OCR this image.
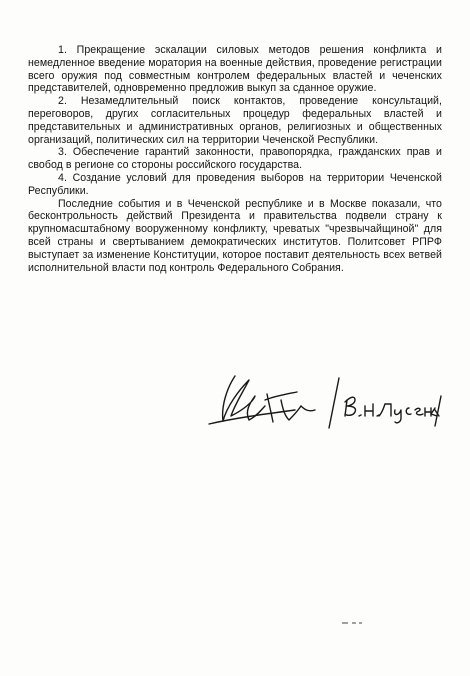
1. Прекращение эскалации силовых методов решения конфликта и немедленное введение моратория на военные действия, проведение регистрации всего оружия под совместным контролем федеральных властей и чеченских представителей, одновременно предложив выкуп за сданное оружие.

2. Незамедлительный поиск контактов, проведение консультаций, переговоров, других согласительных процедур федеральных властей и представительных и административных органов, религиозных и общественных организаций, политических сил на территории Чеченской Республики.

3. Обеспечение гарантий законности, правопорядка, гражданских прав и свобод в регионе со стороны российского государства.

4. Создание условий для проведения выборов на территории Чеченской Республики.

Последние события и в Чеченской республике и в Москве показали, что бесконтрольность действий Президента и правительства подвели страну к крупномасштабному вооруженному конфликту, чреватых "чрезвычайщиной" для всей страны и свертыванием демократических институтов. Политсовет РПРФ выступает за изменение Конституции, которое поставит деятельность всех ветвей исполнительной власти под контроль Федерального Собрания.
